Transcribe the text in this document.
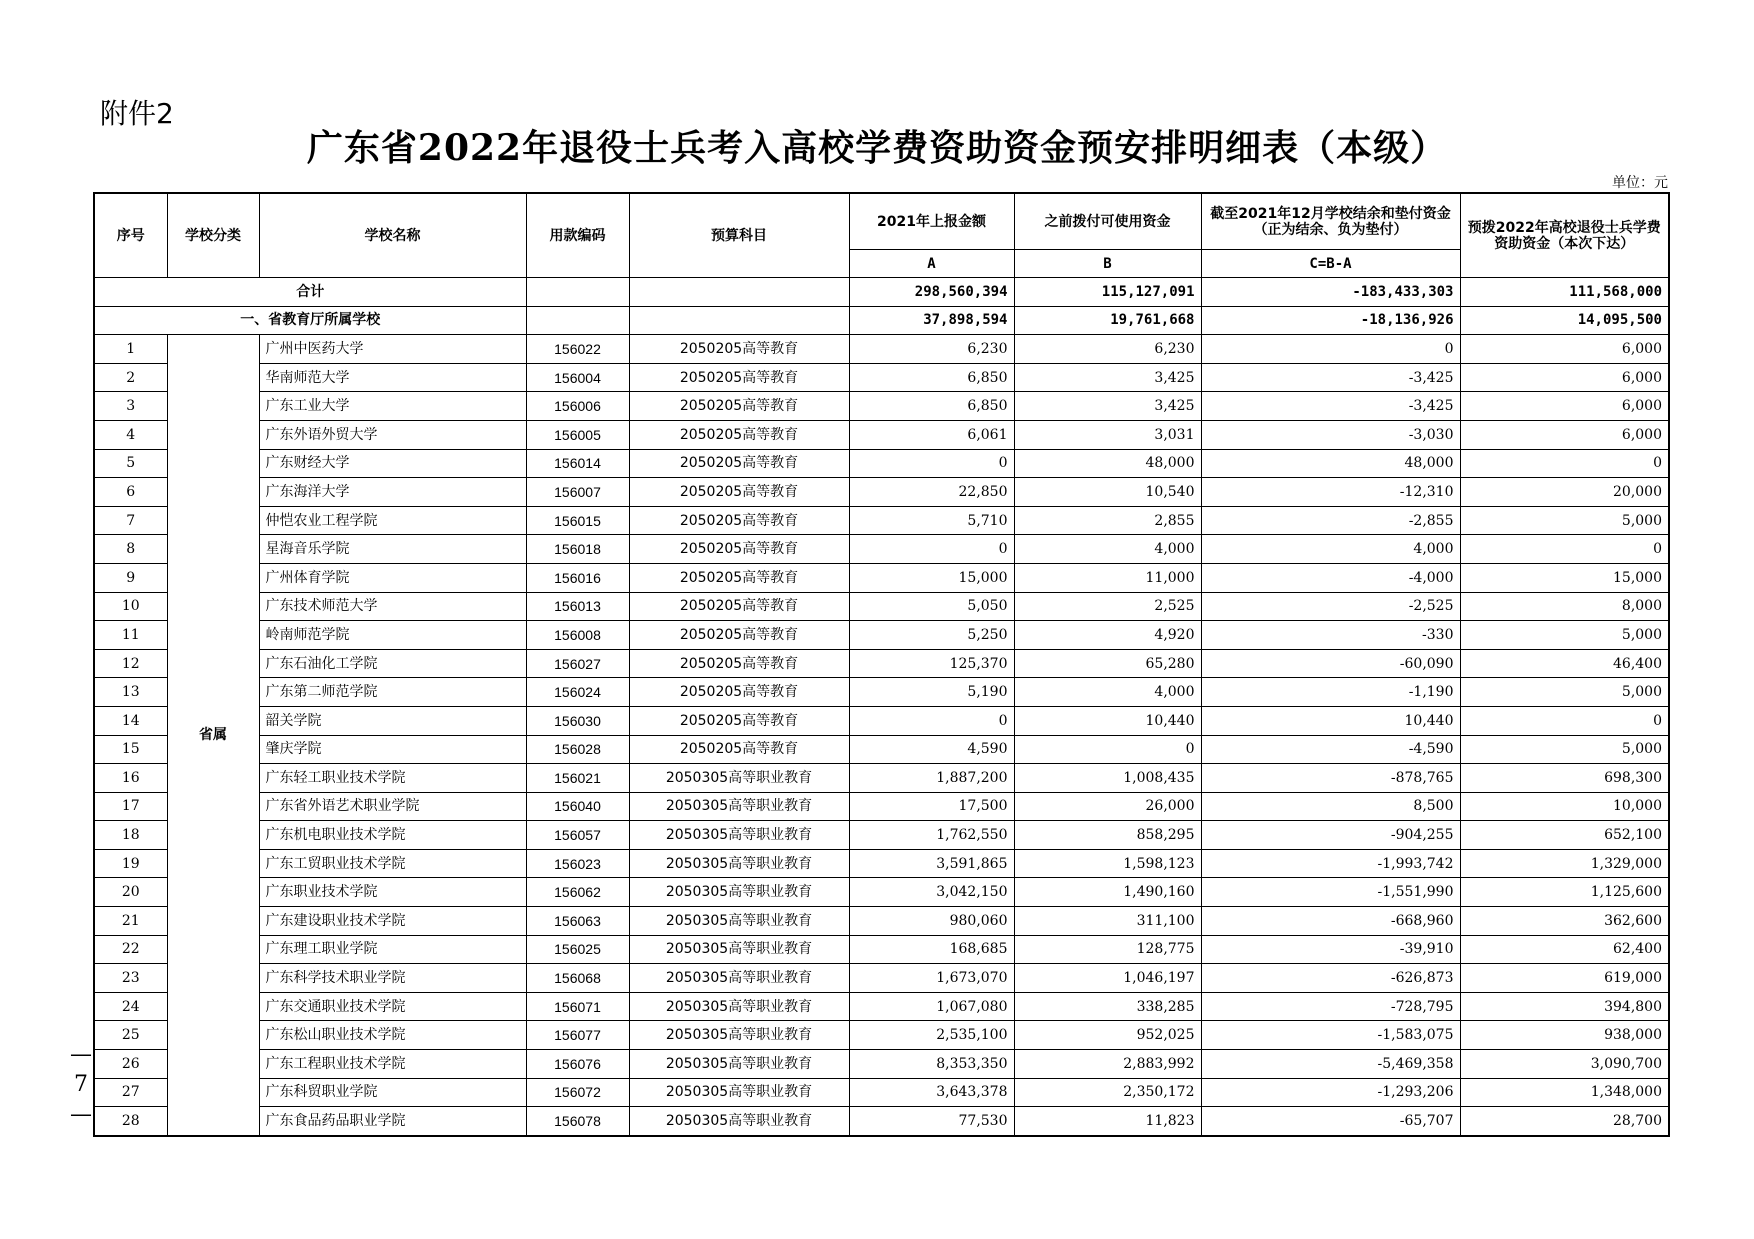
附件2
广东省2022年退役士兵考入高校学费资助资金预安排明细表（本级）
单位：元
— 7 —
序号	学校分类	学校名称	用款编码	预算科目	2021年上报金额	之前拨付可使用资金	截至2021年12月学校结余和垫付资金（正为结余、负为垫付）	预拨2022年高校退役士兵学费资助资金（本次下达）
					A	B	C=B-A	
合计					298,560,394	115,127,091	-183,433,303	111,568,000
一、省教育厅所属学校					37,898,594	19,761,668	-18,136,926	14,095,500
1	省属	广州中医药大学	156022	2050205高等教育	6,230	6,230	0	6,000
2		华南师范大学	156004	2050205高等教育	6,850	3,425	-3,425	6,000
3		广东工业大学	156006	2050205高等教育	6,850	3,425	-3,425	6,000
4		广东外语外贸大学	156005	2050205高等教育	6,061	3,031	-3,030	6,000
5		广东财经大学	156014	2050205高等教育	0	48,000	48,000	0
6		广东海洋大学	156007	2050205高等教育	22,850	10,540	-12,310	20,000
7		仲恺农业工程学院	156015	2050205高等教育	5,710	2,855	-2,855	5,000
8		星海音乐学院	156018	2050205高等教育	0	4,000	4,000	0
9		广州体育学院	156016	2050205高等教育	15,000	11,000	-4,000	15,000
10		广东技术师范大学	156013	2050205高等教育	5,050	2,525	-2,525	8,000
11		岭南师范学院	156008	2050205高等教育	5,250	4,920	-330	5,000
12		广东石油化工学院	156027	2050205高等教育	125,370	65,280	-60,090	46,400
13		广东第二师范学院	156024	2050205高等教育	5,190	4,000	-1,190	5,000
14		韶关学院	156030	2050205高等教育	0	10,440	10,440	0
15		肇庆学院	156028	2050205高等教育	4,590	0	-4,590	5,000
16		广东轻工职业技术学院	156021	2050305高等职业教育	1,887,200	1,008,435	-878,765	698,300
17		广东省外语艺术职业学院	156040	2050305高等职业教育	17,500	26,000	8,500	10,000
18		广东机电职业技术学院	156057	2050305高等职业教育	1,762,550	858,295	-904,255	652,100
19		广东工贸职业技术学院	156023	2050305高等职业教育	3,591,865	1,598,123	-1,993,742	1,329,000
20		广东职业技术学院	156062	2050305高等职业教育	3,042,150	1,490,160	-1,551,990	1,125,600
21		广东建设职业技术学院	156063	2050305高等职业教育	980,060	311,100	-668,960	362,600
22		广东理工职业学院	156025	2050305高等职业教育	168,685	128,775	-39,910	62,400
23		广东科学技术职业学院	156068	2050305高等职业教育	1,673,070	1,046,197	-626,873	619,000
24		广东交通职业技术学院	156071	2050305高等职业教育	1,067,080	338,285	-728,795	394,800
25		广东松山职业技术学院	156077	2050305高等职业教育	2,535,100	952,025	-1,583,075	938,000
26		广东工程职业技术学院	156076	2050305高等职业教育	8,353,350	2,883,992	-5,469,358	3,090,700
27		广东科贸职业学院	156072	2050305高等职业教育	3,643,378	2,350,172	-1,293,206	1,348,000
28		广东食品药品职业学院	156078	2050305高等职业教育	77,530	11,823	-65,707	28,700
